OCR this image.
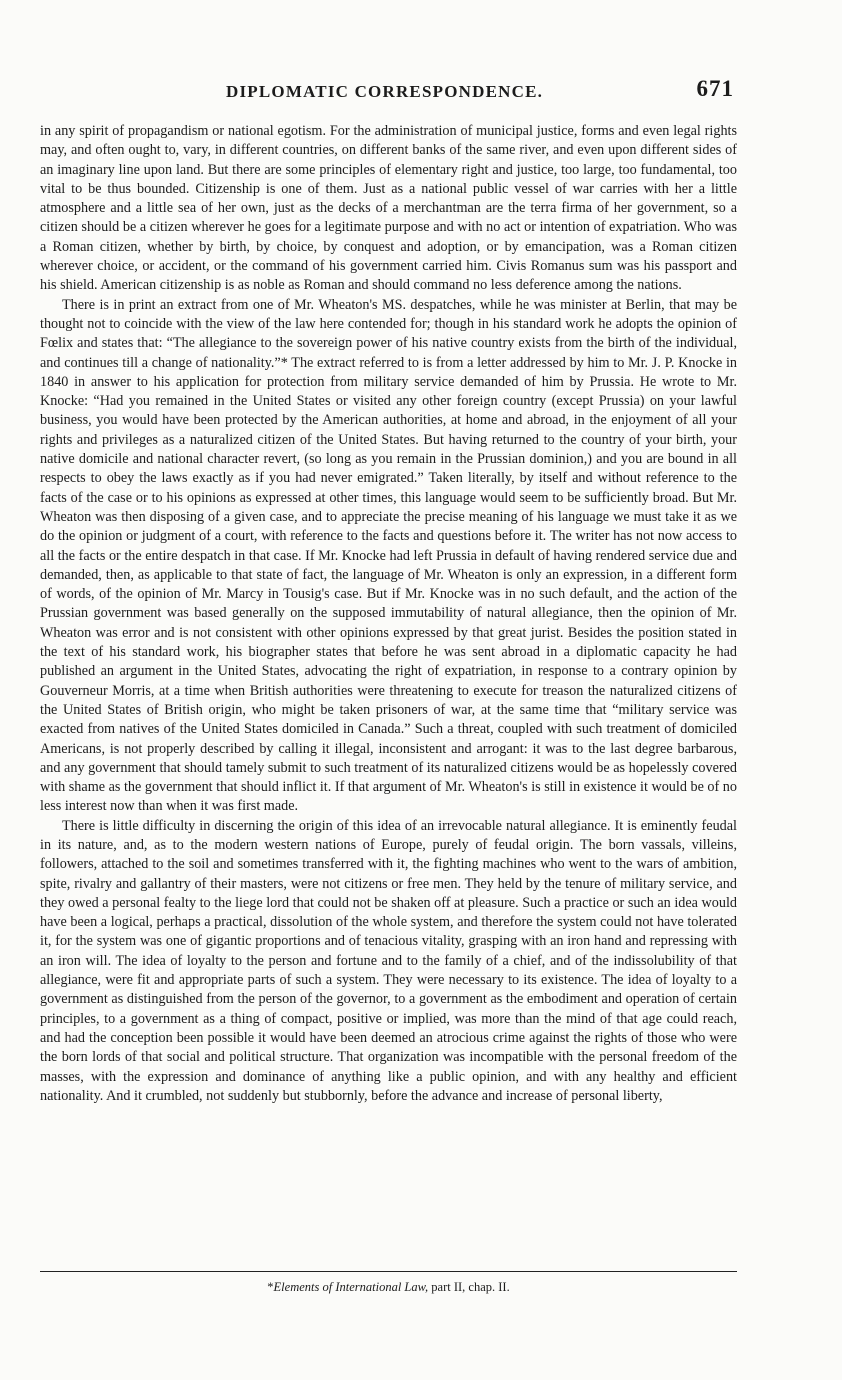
DIPLOMATIC CORRESPONDENCE.	671

in any spirit of propagandism or national egotism. For the administration of municipal justice, forms and even legal rights may, and often ought to, vary, in different countries, on different banks of the same river, and even upon different sides of an imaginary line upon land. But there are some principles of elementary right and justice, too large, too fundamental, too vital to be thus bounded. Citizenship is one of them. Just as a national public vessel of war carries with her a little atmosphere and a little sea of her own, just as the decks of a merchantman are the terra firma of her government, so a citizen should be a citizen wherever he goes for a legitimate purpose and with no act or intention of expatriation. Who was a Roman citizen, whether by birth, by choice, by conquest and adoption, or by emancipation, was a Roman citizen wherever choice, or accident, or the command of his government carried him. Civis Romanus sum was his passport and his shield. American citizenship is as noble as Roman and should command no less deference among the nations.

There is in print an extract from one of Mr. Wheaton's MS. despatches, while he was minister at Berlin, that may be thought not to coincide with the view of the law here contended for; though in his standard work he adopts the opinion of Fœlix and states that: “The allegiance to the sovereign power of his native country exists from the birth of the individual, and continues till a change of nationality.”* The extract referred to is from a letter addressed by him to Mr. J. P. Knocke in 1840 in answer to his application for protection from military service demanded of him by Prussia. He wrote to Mr. Knocke: “Had you remained in the United States or visited any other foreign country (except Prussia) on your lawful business, you would have been protected by the American authorities, at home and abroad, in the enjoyment of all your rights and privileges as a naturalized citizen of the United States. But having returned to the country of your birth, your native domicile and national character revert, (so long as you remain in the Prussian dominion,) and you are bound in all respects to obey the laws exactly as if you had never emigrated.” Taken literally, by itself and without reference to the facts of the case or to his opinions as expressed at other times, this language would seem to be sufficiently broad. But Mr. Wheaton was then disposing of a given case, and to appreciate the precise meaning of his language we must take it as we do the opinion or judgment of a court, with reference to the facts and questions before it. The writer has not now access to all the facts or the entire despatch in that case. If Mr. Knocke had left Prussia in default of having rendered service due and demanded, then, as applicable to that state of fact, the language of Mr. Wheaton is only an expression, in a different form of words, of the opinion of Mr. Marcy in Tousig's case. But if Mr. Knocke was in no such default, and the action of the Prussian government was based generally on the supposed immutability of natural allegiance, then the opinion of Mr. Wheaton was error and is not consistent with other opinions expressed by that great jurist. Besides the position stated in the text of his standard work, his biographer states that before he was sent abroad in a diplomatic capacity he had published an argument in the United States, advocating the right of expatriation, in response to a contrary opinion by Gouverneur Morris, at a time when British authorities were threatening to execute for treason the naturalized citizens of the United States of British origin, who might be taken prisoners of war, at the same time that “military service was exacted from natives of the United States domiciled in Canada.” Such a threat, coupled with such treatment of domiciled Americans, is not properly described by calling it illegal, inconsistent and arrogant: it was to the last degree barbarous, and any government that should tamely submit to such treatment of its naturalized citizens would be as hopelessly covered with shame as the government that should inflict it. If that argument of Mr. Wheaton's is still in existence it would be of no less interest now than when it was first made.

There is little difficulty in discerning the origin of this idea of an irrevocable natural allegiance. It is eminently feudal in its nature, and, as to the modern western nations of Europe, purely of feudal origin. The born vassals, villeins, followers, attached to the soil and sometimes transferred with it, the fighting machines who went to the wars of ambition, spite, rivalry and gallantry of their masters, were not citizens or free men. They held by the tenure of military service, and they owed a personal fealty to the liege lord that could not be shaken off at pleasure. Such a practice or such an idea would have been a logical, perhaps a practical, dissolution of the whole system, and therefore the system could not have tolerated it, for the system was one of gigantic proportions and of tenacious vitality, grasping with an iron hand and repressing with an iron will. The idea of loyalty to the person and fortune and to the family of a chief, and of the indissolubility of that allegiance, were fit and appropriate parts of such a system. They were necessary to its existence. The idea of loyalty to a government as distinguished from the person of the governor, to a government as the embodiment and operation of certain principles, to a government as a thing of compact, positive or implied, was more than the mind of that age could reach, and had the conception been possible it would have been deemed an atrocious crime against the rights of those who were the born lords of that social and political structure. That organization was incompatible with the personal freedom of the masses, with the expression and dominance of anything like a public opinion, and with any healthy and efficient nationality. And it crumbled, not suddenly but stubbornly, before the advance and increase of personal liberty,

*Elements of International Law, part II, chap. II.
